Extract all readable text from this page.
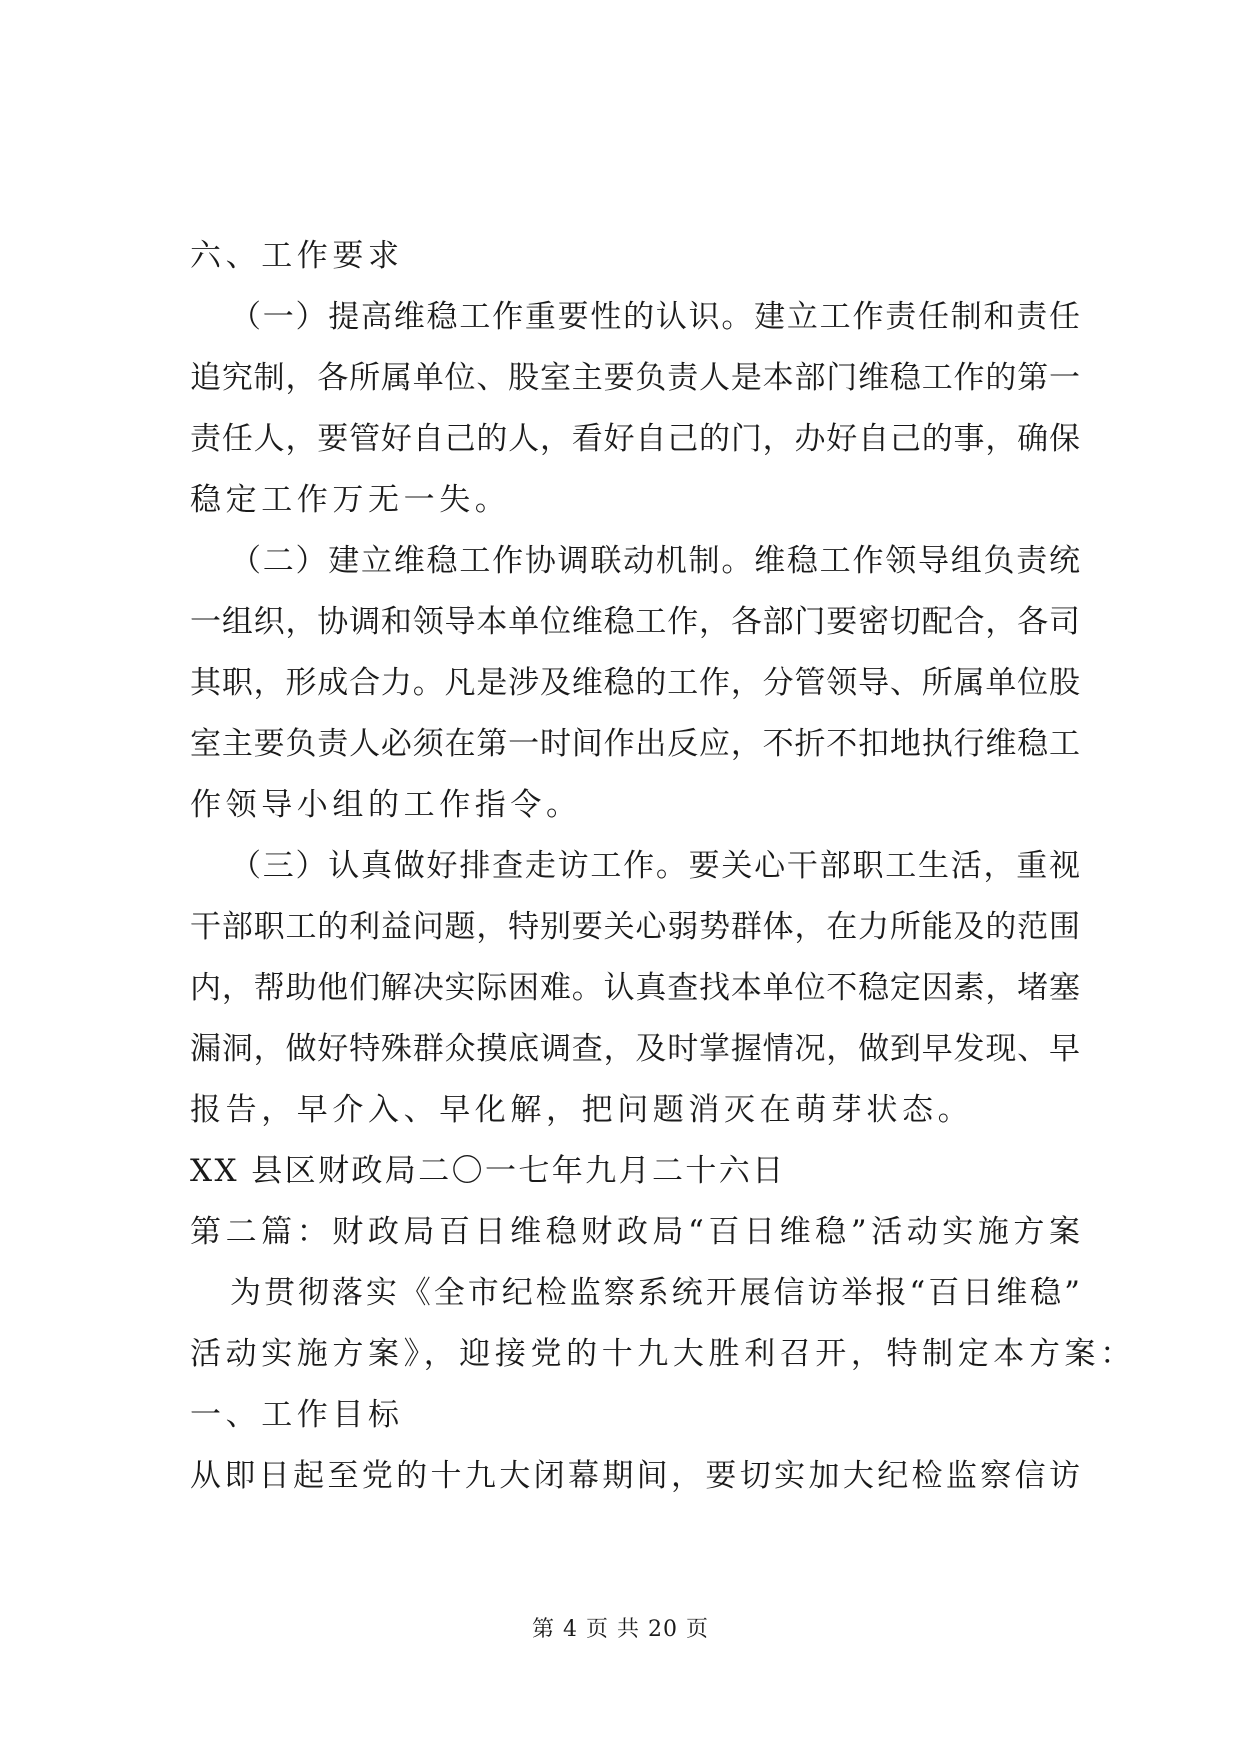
六、工作要求
（一）提高维稳工作重要性的认识。建立工作责任制和责任
追究制，各所属单位、股室主要负责人是本部门维稳工作的第一
责任人，要管好自己的人，看好自己的门，办好自己的事，确保
稳定工作万无一失。
（二）建立维稳工作协调联动机制。维稳工作领导组负责统
一组织，协调和领导本单位维稳工作，各部门要密切配合，各司
其职，形成合力。凡是涉及维稳的工作，分管领导、所属单位股
室主要负责人必须在第一时间作出反应，不折不扣地执行维稳工
作领导小组的工作指令。
（三）认真做好排查走访工作。要关心干部职工生活，重视
干部职工的利益问题，特别要关心弱势群体，在力所能及的范围
内，帮助他们解决实际困难。认真查找本单位不稳定因素，堵塞
漏洞，做好特殊群众摸底调查，及时掌握情况，做到早发现、早
报告，早介入、早化解，把问题消灭在萌芽状态。
XX 县区财政局二〇一七年九月二十六日
第二篇：财政局百日维稳财政局“百日维稳”活动实施方案
为贯彻落实《全市纪检监察系统开展信访举报“百日维稳”
活动实施方案》，迎接党的十九大胜利召开，特制定本方案：
一、工作目标
从即日起至党的十九大闭幕期间，要切实加大纪检监察信访
第 4 页 共 20 页
